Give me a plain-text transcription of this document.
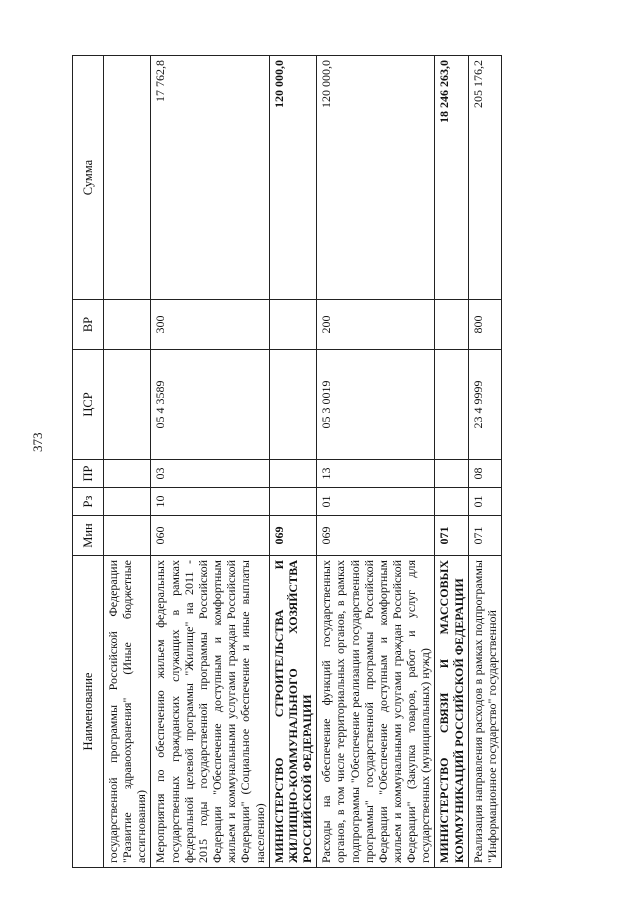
373
Наименование	Мин	Рз	ПР	ЦСР	ВР	Сумма
государственной программы Российской Федерации "Развитие здравоохранения" (Иные бюджетные ассигнования)						
Мероприятия по обеспечению жильем федеральных государственных гражданских служащих в рамках федеральной целевой программы "Жилище" на 2011 - 2015 годы государственной программы Российской Федерации "Обеспечение доступным и комфортным жильем и коммунальными услугами граждан Российской Федерации" (Социальное обеспечение и иные выплаты населению)	060	10	03	05 4 3589	300	17 762,8
МИНИСТЕРСТВО СТРОИТЕЛЬСТВА И ЖИЛИЩНО-КОММУНАЛЬНОГО ХОЗЯЙСТВА РОССИЙСКОЙ ФЕДЕРАЦИИ	069					120 000,0
Расходы на обеспечение функций государственных органов, в том числе территориальных органов, в рамках подпрограммы "Обеспечение реализации государственной программы" государственной программы Российской Федерации "Обеспечение доступным и комфортным жильем и коммунальными услугами граждан Российской Федерации" (Закупка товаров, работ и услуг для государственных (муниципальных) нужд)	069	01	13	05 3 0019	200	120 000,0
МИНИСТЕРСТВО СВЯЗИ И МАССОВЫХ КОММУНИКАЦИЙ РОССИЙСКОЙ ФЕДЕРАЦИИ	071					18 246 263,0
Реализация направления расходов в рамках подпрограммы "Информационное государство" государственной	071	01	08	23 4 9999	800	205 176,2
